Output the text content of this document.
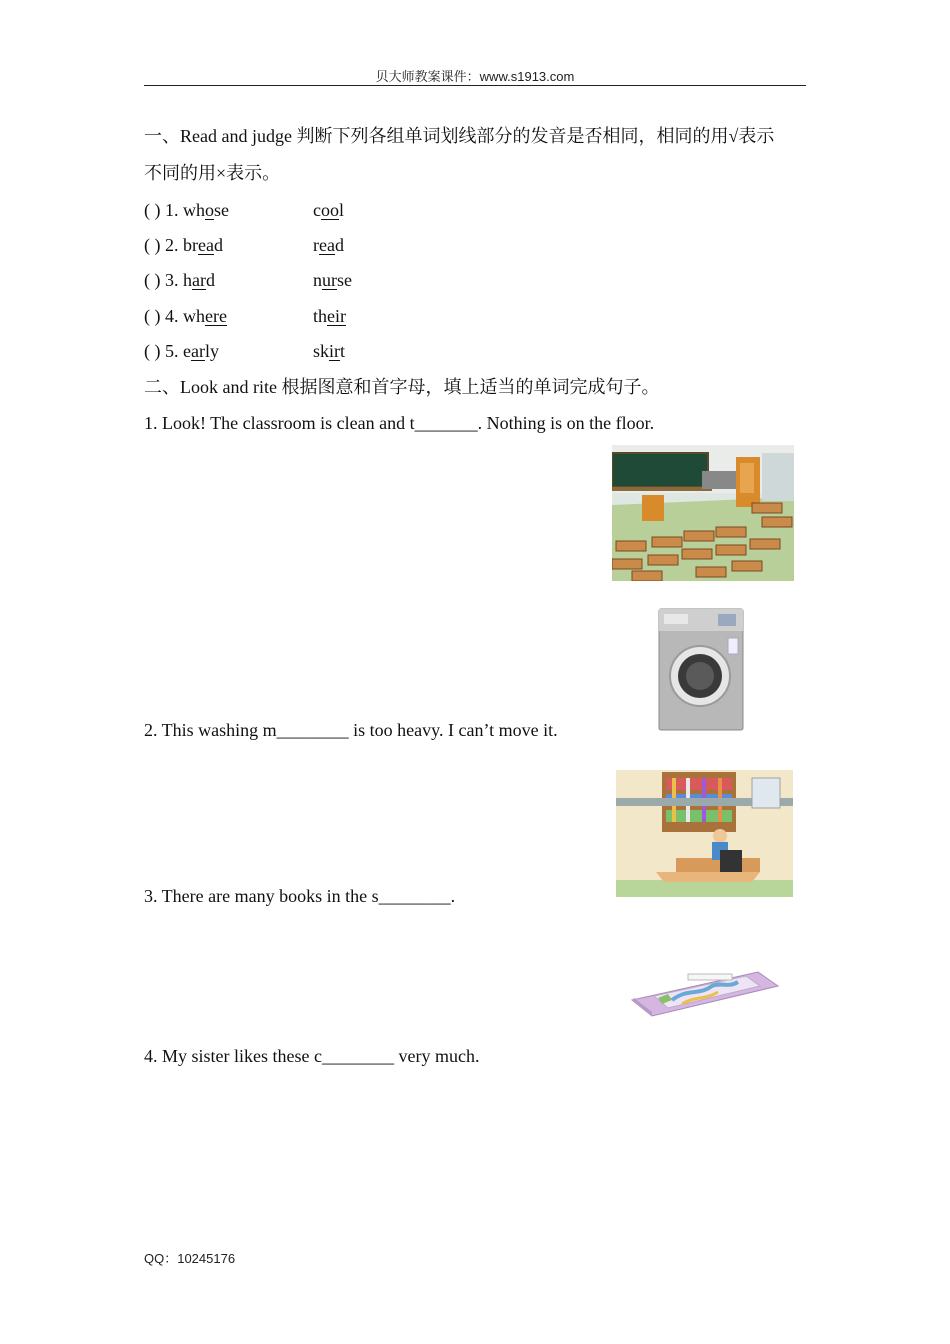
贝大师教案课件：www.s1913.com
一、Read and judge 判断下列各组单词划线部分的发音是否相同，相同的用√表示
不同的用×表示。
( ) 1. whose	cool
( ) 2. bread	read
( ) 3. hard	nurse
( ) 4. where	their
( ) 5. early	skirt
二、Look and rite 根据图意和首字母，填上适当的单词完成句子。
1. Look! The classroom is clean and t_______. Nothing is on the floor.
2. This washing m________ is too heavy. I can’t move it.
3. There are many books in the s________.
4. My sister likes these c________ very much.
QQ：10245176
